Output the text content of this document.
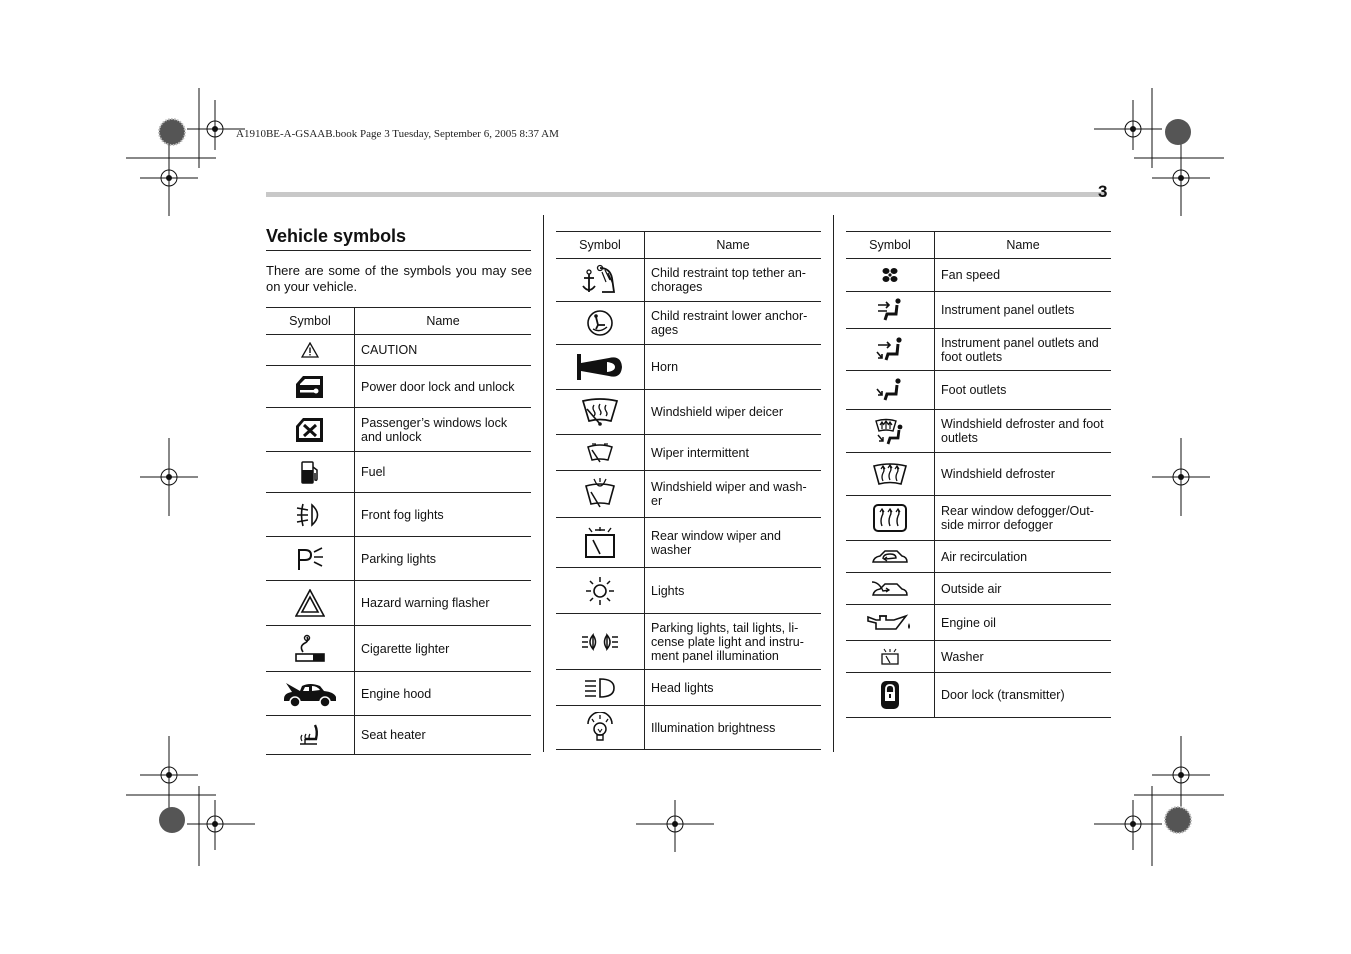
A1910BE-A-GSAAB.book Page 3 Tuesday, September 6, 2005 8:37 AM
3
Vehicle symbols
There are some of the symbols you may see on your vehicle.
Symbol	Name

	CAUTION

	Power door lock and unlock

	Passenger’s windows lock and unlock

	Fuel

	Front fog lights

	Parking lights

	Hazard warning flasher

	Cigarette lighter

	Engine hood

	Seat heater
Symbol	Name

	Child restraint top tether an-chorages

	Child restraint lower anchor-ages

	Horn

	Windshield wiper deicer

	Wiper intermittent

	Windshield wiper and wash-er

	Rear window wiper and washer

	Lights

	Parking lights, tail lights, li-cense plate light and instru-ment panel illumination

	Head lights

	Illumination brightness
Symbol	Name

	Fan speed

	Instrument panel outlets

	Instrument panel outlets and foot outlets

	Foot outlets

	Windshield defroster and foot outlets

	Windshield defroster

	Rear window defogger/Out-side mirror defogger

	Air recirculation

	Outside air

	Engine oil

	Washer

	Door lock (transmitter)
